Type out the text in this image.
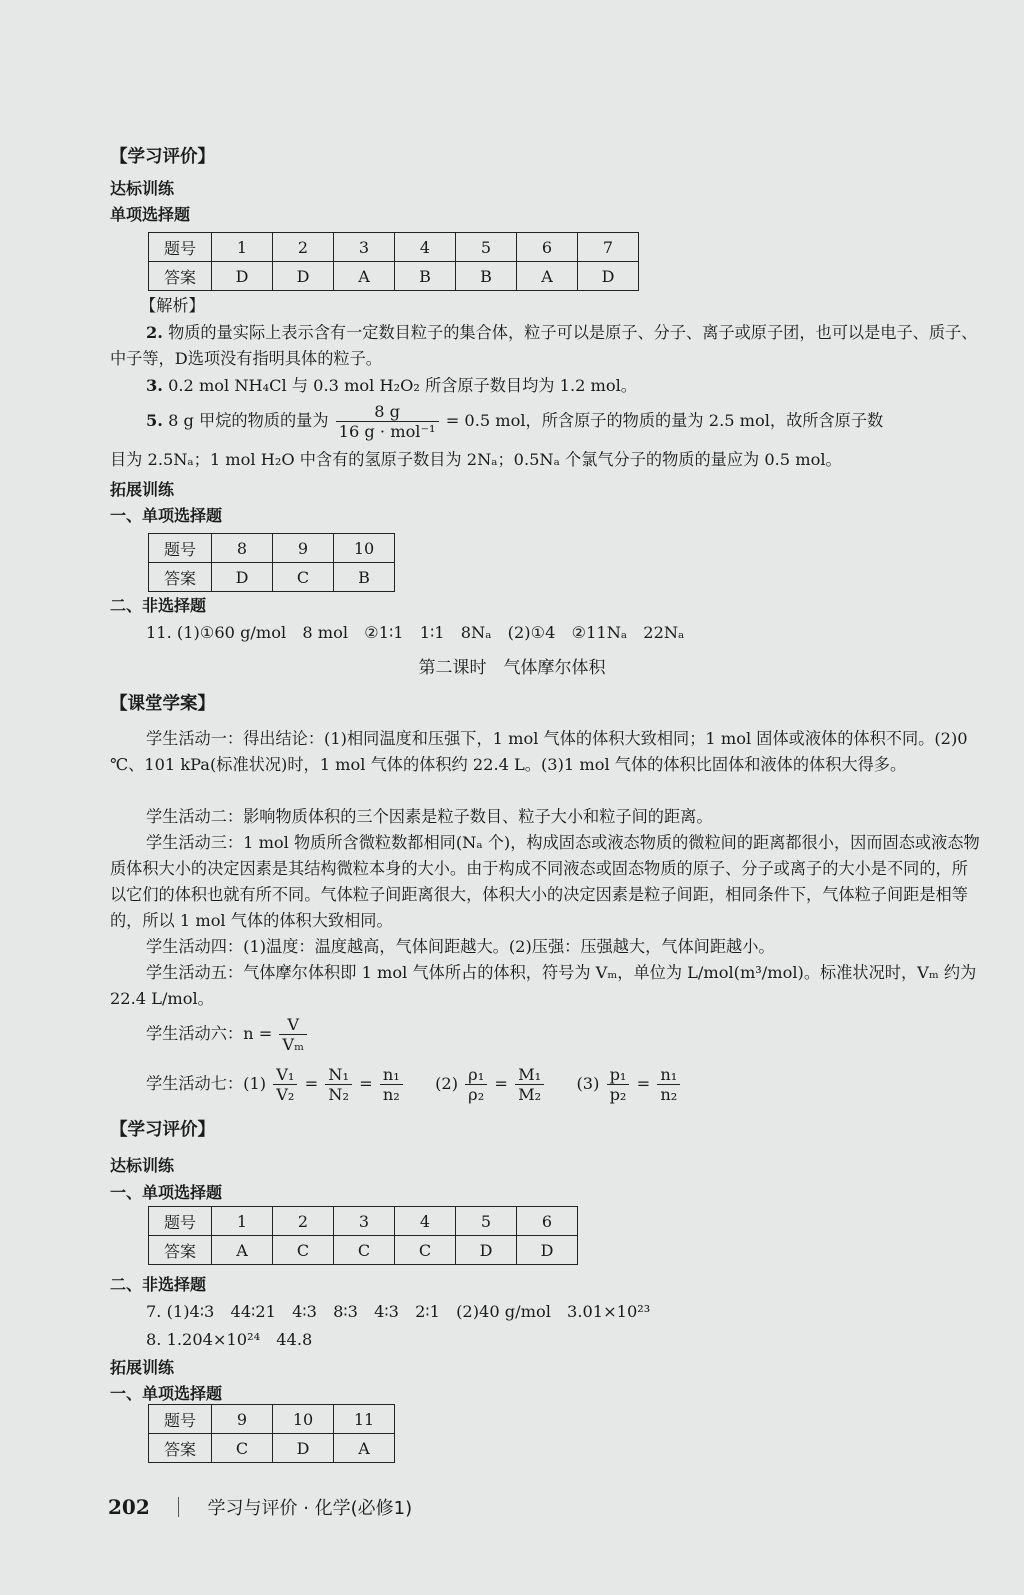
【学习评价】
达标训练
单项选择题
题号	1	2	3	4	5	6	7
答案	D	D	A	B	B	A	D
【解析】
2. 物质的量实际上表示含有一定数目粒子的集合体，粒子可以是原子、分子、离子或原子团，也可以是电子、质子、中子等，D选项没有指明具体的粒子。
3. 0.2 mol NH₄Cl 与 0.3 mol H₂O₂ 所含原子数目均为 1.2 mol。
5. 8 g 甲烷的物质的量为 $\frac{8 g}{\text{16 g · mol⁻¹}} = 0.5$ mol，所含原子的物质的量为 2.5 mol，故所含原子数
目为 2.5Nₐ；1 mol H₂O 中含有的氢原子数目为 2Nₐ；0.5Nₐ 个氯气分子的物质的量应为 0.5 mol。
拓展训练
一、单项选择题
题号	8	9	10
答案	D	C	B
二、非选择题
11. (1)①60 g/mol　8 mol　②1∶1　1∶1　8Nₐ　(2)①4　②11Nₐ　22Nₐ
第二课时　气体摩尔体积
【课堂学案】
学生活动一：得出结论：(1)相同温度和压强下，1 mol 气体的体积大致相同；1 mol 固体或液体的体积不同。(2)0 ℃、101 kPa(标准状况)时，1 mol 气体的体积约 22.4 L。(3)1 mol 气体的体积比固体和液体的体积大得多。
学生活动二：影响物质体积的三个因素是粒子数目、粒子大小和粒子间的距离。
学生活动三：1 mol 物质所含微粒数都相同(Nₐ 个)，构成固态或液态物质的微粒间的距离都很小，因而固态或液态物质体积大小的决定因素是其结构微粒本身的大小。由于构成不同液态或固态物质的原子、分子或离子的大小是不同的，所以它们的体积也就有所不同。气体粒子间距离很大，体积大小的决定因素是粒子间距，相同条件下，气体粒子间距是相等的，所以 1 mol 气体的体积大致相同。
学生活动四：(1)温度：温度越高，气体间距越大。(2)压强：压强越大，气体间距越小。
学生活动五：气体摩尔体积即 1 mol 气体所占的体积，符号为 Vₘ，单位为 L/mol(m³/mol)。标准状况时，Vₘ 约为 22.4 L/mol。
学生活动六：$n = \frac{V}{\text{Vₘ}}$
学生活动七：$(1) \frac{\text{V₁}}{\text{V₂}} = \frac{\text{N₁}}{\text{N₂}} = \frac{\text{n₁}}{\text{n₂}} (2) \frac{\text{ρ₁}}{\text{ρ₂}} = \frac{\text{M₁}}{\text{M₂}} (3) \frac{\text{p₁}}{\text{p₂}} = \frac{\text{n₁}}{\text{n₂}}$
【学习评价】
达标训练
一、单项选择题
题号	1	2	3	4	5	6
答案	A	C	C	C	D	D
二、非选择题
7. (1)4∶3　44∶21　4∶3　8∶3　4∶3　2∶1　(2)40 g/mol　3.01×10²³
8. 1.204×10²⁴　44.8
拓展训练
一、单项选择题
题号	9	10	11
答案	C	D	A
202	学习与评价 · 化学(必修1)
